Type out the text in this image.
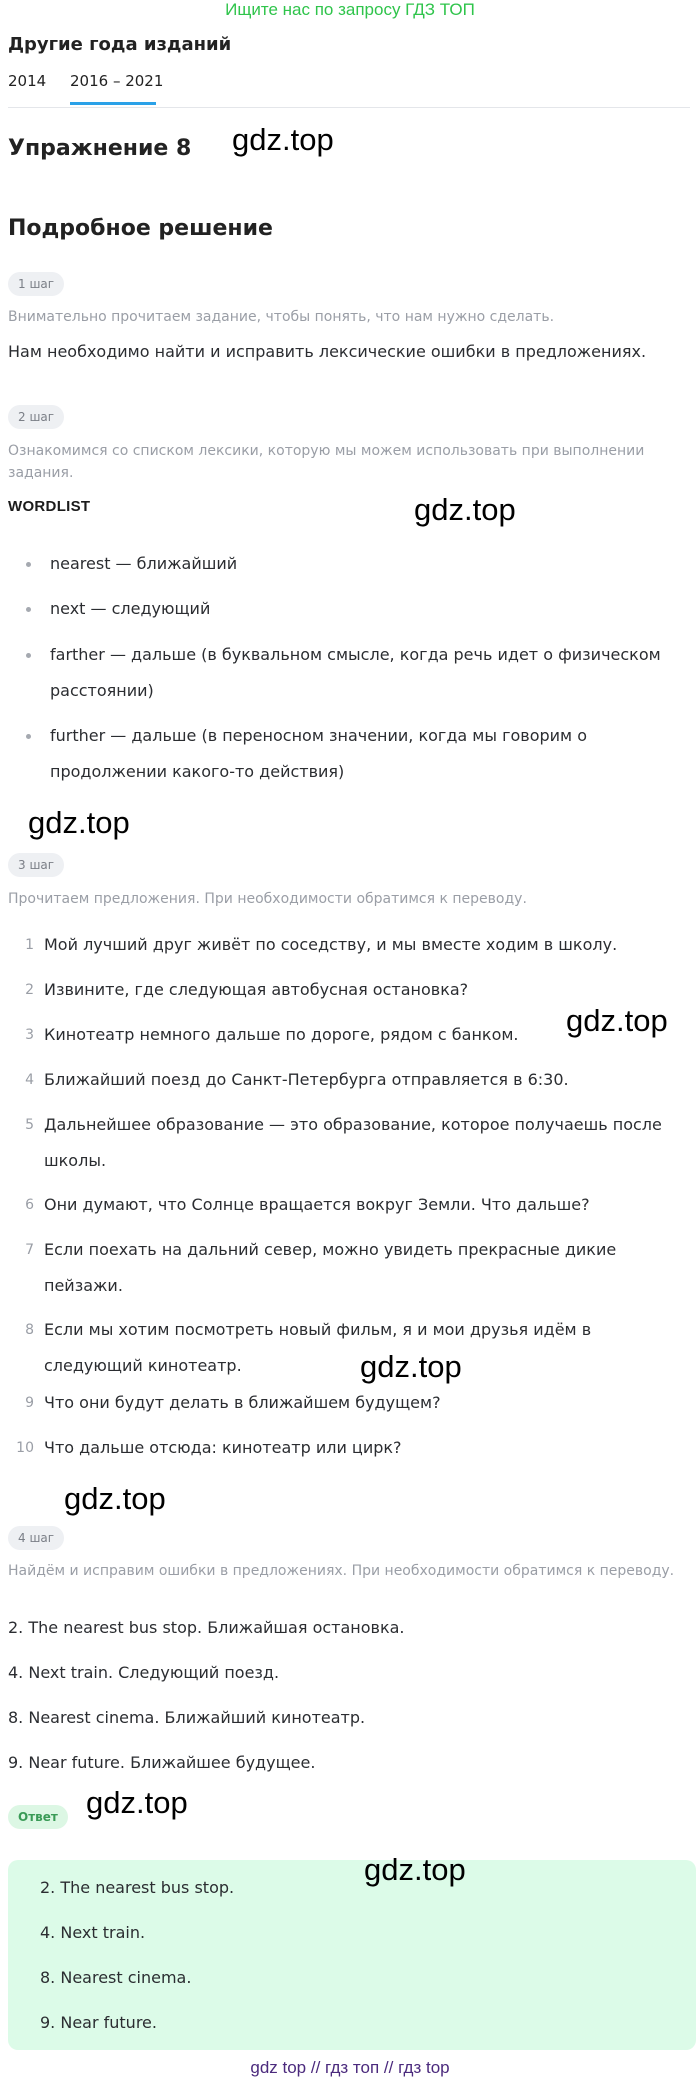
Ищите нас по запросу ГДЗ ТОП
Другие года изданий
2014 2016 – 2021
Упражнение 8 gdz.top
Подробное решение
1 шаг
Внимательно прочитаем задание, чтобы понять, что нам нужно сделать.
Нам необходимо найти и исправить лексические ошибки в предложениях.
2 шаг
Ознакомимся со списком лексики, которую мы можем использовать при выполнении задания.
WORDLIST	gdz.top
nearest — ближайший
next — следующий
farther — дальше (в буквальном смысле, когда речь идет о физическом расстоянии)
further — дальше (в переносном значении, когда мы говорим о продолжении какого-то действия)
gdz.top
3 шаг
Прочитаем предложения. При необходимости обратимся к переводу.
1 Мой лучший друг живёт по соседству, и мы вместе ходим в школу.
2 Извините, где следующая автобусная остановка?
3 Кинотеатр немного дальше по дороге, рядом с банком.	gdz.top
4 Ближайший поезд до Санкт-Петербурга отправляется в 6:30.
5 Дальнейшее образование — это образование, которое получаешь после школы.
6 Они думают, что Солнце вращается вокруг Земли. Что дальше?
7 Если поехать на дальний север, можно увидеть прекрасные дикие пейзажи.
8 Если мы хотим посмотреть новый фильм, я и мои друзья идём в следующий кинотеатр.	gdz.top
9 Что они будут делать в ближайшем будущем?
10 Что дальше отсюда: кинотеатр или цирк?
gdz.top
4 шаг
Найдём и исправим ошибки в предложениях. При необходимости обратимся к переводу.
2. The nearest bus stop. Ближайшая остановка.
4. Next train. Следующий поезд.
8. Nearest cinema. Ближайший кинотеатр.
9. Near future. Ближайшее будущее.
Ответ gdz.top
2. The nearest bus stop.
4. Next train.
8. Nearest cinema.
9. Near future.
gdz.top
gdz top // гдз топ // гдз top
